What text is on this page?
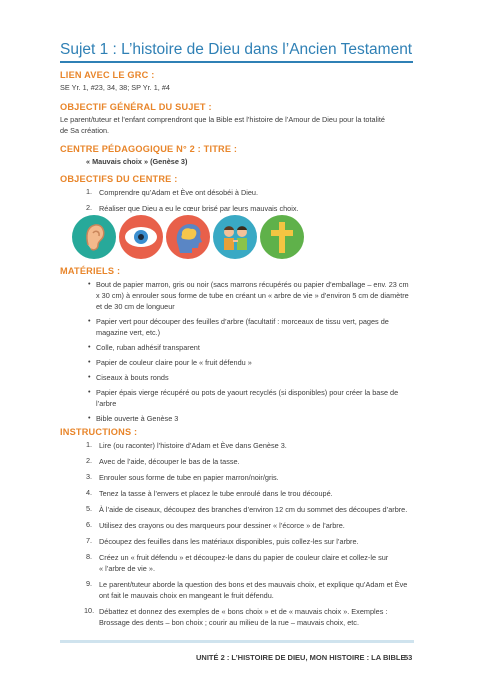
Sujet 1 : L’histoire de Dieu dans l’Ancien Testament
LIEN AVEC LE GRC :
SE Yr. 1, #23, 34, 38; SP Yr. 1, #4
OBJECTIF GÉNÉRAL DU SUJET :
Le parent/tuteur et l’enfant comprendront que la Bible est l’histoire de l’Amour de Dieu pour la totalité
de Sa création.
CENTRE PÉDAGOGIQUE N° 2 : TITRE :
« Mauvais choix » (Genèse 3)
OBJECTIFS DU CENTRE :
1. Comprendre qu’Adam et Ève ont désobéi à Dieu.
2. Réaliser que Dieu a eu le cœur brisé par leurs mauvais choix.
MATÉRIELS :
• Bout de papier marron, gris ou noir (sacs marrons récupérés ou papier d’emballage – env. 23 cm
x 30 cm) à enrouler sous forme de tube en créant un « arbre de vie » d’environ 5 cm de diamètre
et de 30 cm de longueur
• Papier vert pour découper des feuilles d’arbre (facultatif : morceaux de tissu vert, pages de
magazine vert, etc.)
• Colle, ruban adhésif transparent
• Papier de couleur claire pour le « fruit défendu »
• Ciseaux à bouts ronds
• Papier épais vierge récupéré ou pots de yaourt recyclés (si disponibles) pour créer la base de
l’arbre
• Bible ouverte à Genèse 3
INSTRUCTIONS :
1. Lire (ou raconter) l’histoire d’Adam et Ève dans Genèse 3.
2. Avec de l’aide, découper le bas de la tasse.
3. Enrouler sous forme de tube en papier marron/noir/gris.
4. Tenez la tasse à l’envers et placez le tube enroulé dans le trou découpé.
5. À l’aide de ciseaux, découpez des branches d’environ 12 cm du sommet des découpes d’arbre.
6. Utilisez des crayons ou des marqueurs pour dessiner « l’écorce » de l’arbre.
7. Découpez des feuilles dans les matériaux disponibles, puis collez-les sur l’arbre.
8. Créez un « fruit défendu » et découpez-le dans du papier de couleur claire et collez-le sur
« l’arbre de vie ».
9. Le parent/tuteur aborde la question des bons et des mauvais choix, et explique qu’Adam et Ève
ont fait le mauvais choix en mangeant le fruit défendu.
10. Débattez et donnez des exemples de « bons choix » et de « mauvais choix ». Exemples :
Brossage des dents – bon choix ; courir au milieu de la rue – mauvais choix, etc.
UNITÉ 2 : L’HISTOIRE DE DIEU, MON HISTOIRE : LA BIBLE
53
